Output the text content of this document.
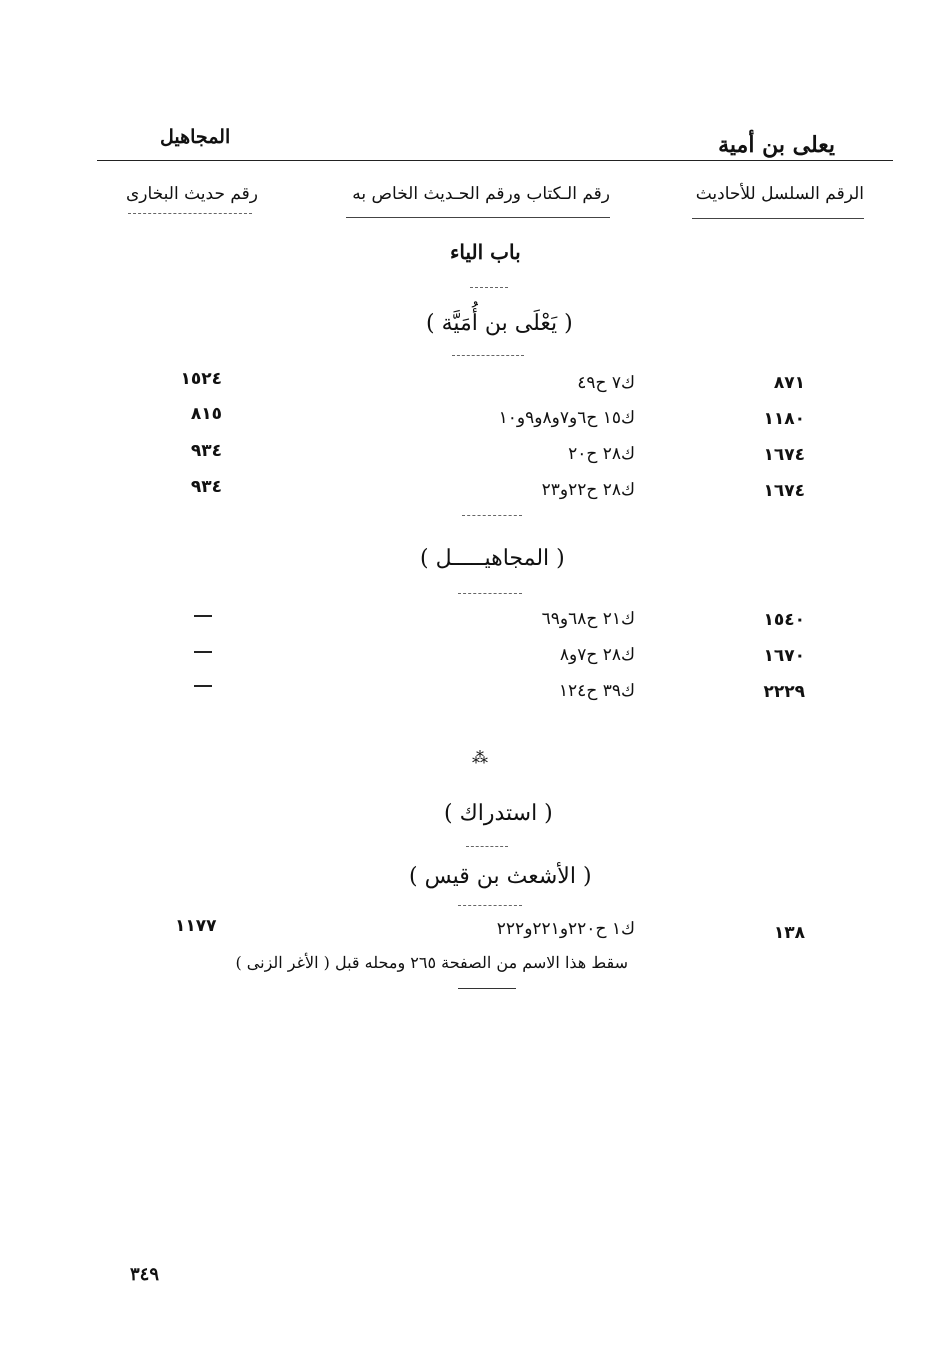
يعلى بن أمية
المجاهيل
الرقم السلسل للأحاديث
رقم الـكتاب ورقم الحـديث الخاص به
رقم حديث البخارى
باب الياء
( يَعْلَى بن أُمَيَّة )
٨٧١
ك٧ ح٤٩
١٥٢٤
١١٨٠
ك١٥ ح٦و٧و٨و٩و١٠
٨١٥
١٦٧٤
ك٢٨ ح٢٠
٩٣٤
١٦٧٤
ك٢٨ ح٢٢و٢٣
٩٣٤
( المجاهيـــــل )
١٥٤٠
ك٢١ ح٦٨و٦٩
١٦٧٠
ك٢٨ ح٧و٨
٢٢٢٩
ك٣٩ ح١٢٤
⁂
( استدراك )
( الأشعث بن قيس )
١٣٨
ك١ ح٢٢٠و٢٢١و٢٢٢
١١٧٧
سقط هذا الاسم من الصفحة ٢٦٥ ومحله قبل ( الأغر الزنى )
٣٤٩
